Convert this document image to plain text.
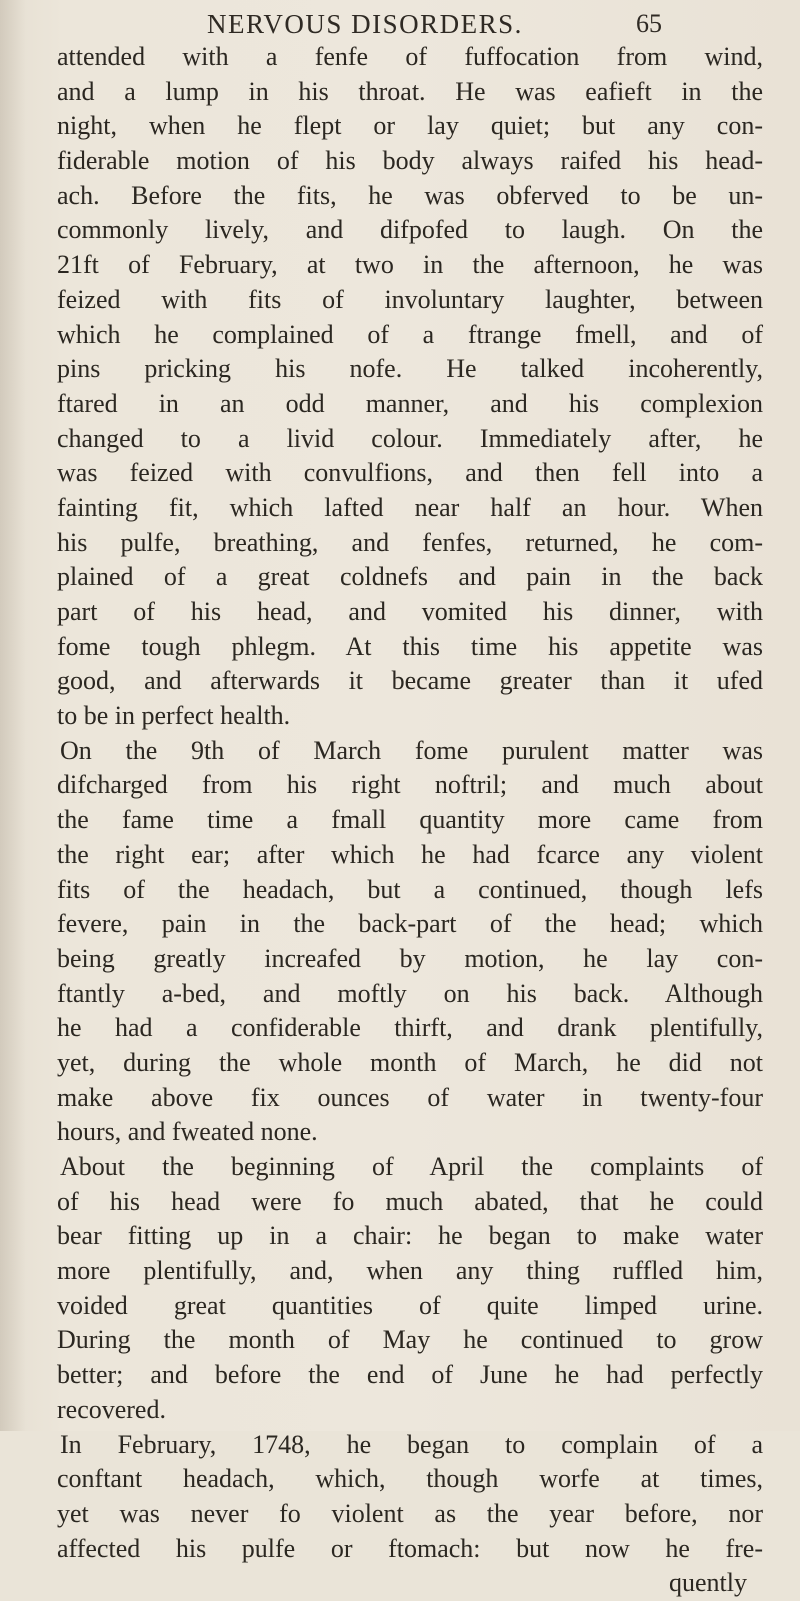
NERVOUS DISORDERS.	65
attended with a fenfe of fuffocation from wind,
and a lump in his throat. He was eafieft in the
night, when he flept or lay quiet; but any con-
fiderable motion of his body always raifed his head-
ach. Before the fits, he was obferved to be un-
commonly lively, and difpofed to laugh. On the
21ft of February, at two in the afternoon, he was
feized with fits of involuntary laughter, between
which he complained of a ftrange fmell, and of
pins pricking his nofe. He talked incoherently,
ftared in an odd manner, and his complexion
changed to a livid colour. Immediately after, he
was feized with convulfions, and then fell into a
fainting fit, which lafted near half an hour. When
his pulfe, breathing, and fenfes, returned, he com-
plained of a great coldnefs and pain in the back
part of his head, and vomited his dinner, with
fome tough phlegm. At this time his appetite was
good, and afterwards it became greater than it ufed
to be in perfect health.
On the 9th of March fome purulent matter was
difcharged from his right noftril; and much about
the fame time a fmall quantity more came from
the right ear; after which he had fcarce any violent
fits of the headach, but a continued, though lefs
fevere, pain in the back-part of the head; which
being greatly increafed by motion, he lay con-
ftantly a-bed, and moftly on his back. Although
he had a confiderable thirft, and drank plentifully,
yet, during the whole month of March, he did not
make above fix ounces of water in twenty-four
hours, and fweated none.
About the beginning of April the complaints of
of his head were fo much abated, that he could
bear fitting up in a chair: he began to make water
more plentifully, and, when any thing ruffled him,
voided great quantities of quite limped urine.
During the month of May he continued to grow
better; and before the end of June he had perfectly
recovered.
In February, 1748, he began to complain of a
conftant headach, which, though worfe at times,
yet was never fo violent as the year before, nor
affected his pulfe or ftomach: but now he fre-
quently
